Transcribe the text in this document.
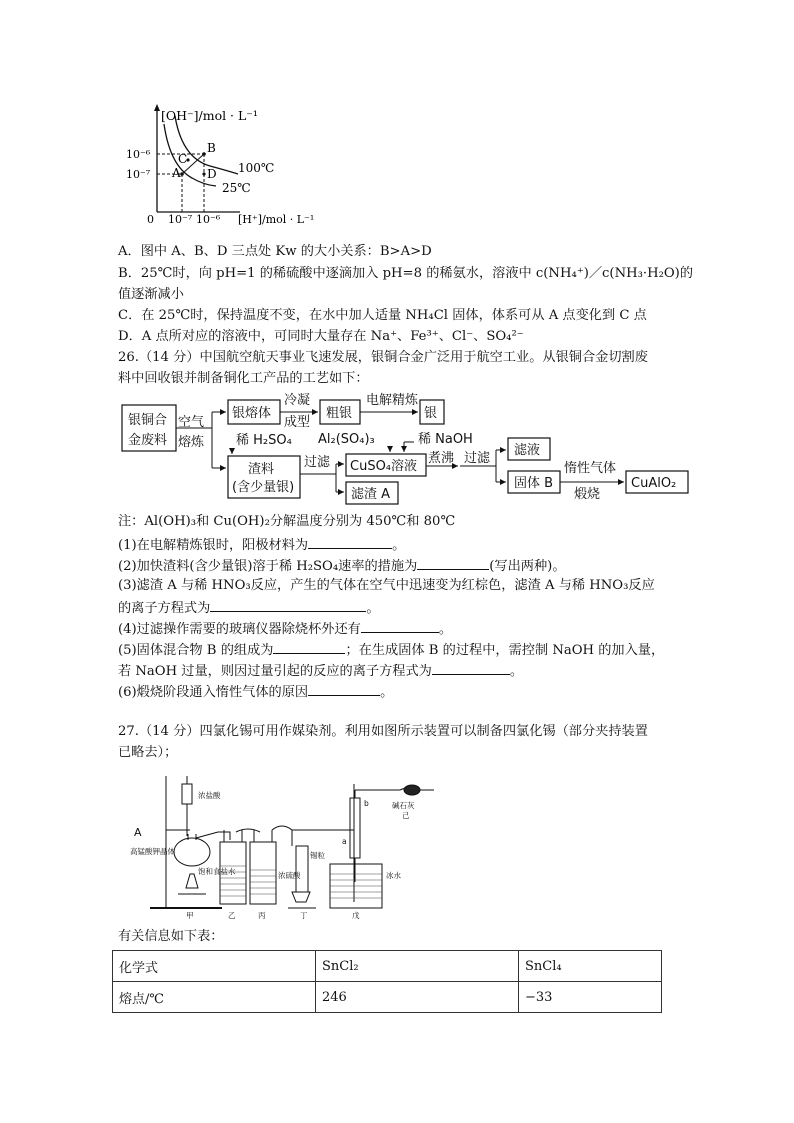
[OH⁻]/mol · L⁻¹
[H⁺]/mol · L⁻¹
10⁻⁶
10⁻⁷
0 10⁻⁷ 10⁻⁶
A
B
C
D 100℃
25℃
A．图中 A、B、D 三点处 Kw 的大小关系：B>A>D
B．25℃时，向 pH=1 的稀硫酸中逐滴加入 pH=8 的稀氨水，溶液中 c(NH₄⁺)／c(NH₃·H₂O)的
值逐渐减小
C．在 25℃时，保持温度不变，在水中加人适量 NH₄Cl 固体，体系可从 A 点变化到 C 点
D．A 点所对应的溶液中，可同时大量存在 Na⁺、Fe³⁺、Cl⁻、SO₄²⁻
26.（14 分）中国航空航天事业飞速发展，银铜合金广泛用于航空工业。从银铜合金切割废
料中回收银并制备铜化工产品的工艺如下：
银铜合
金废料
空气
熔炼
银熔体
冷凝
成型
粗银
电解精炼
银
稀 H₂SO₄
渣料
(含少量银)
过滤
Al₂(SO₄)₃	稀 NaOH
CuSO₄溶液
滤渣 A
煮沸 过滤
滤液
固体 B
惰性气体
煅烧
CuAlO₂
注：Al(OH)₃和 Cu(OH)₂分解温度分别为 450℃和 80℃
(1)在电解精炼银时，阳极材料为	。
(2)加快渣料(含少量银)溶于稀 H₂SO₄速率的措施为	(写出两种)。
(3)滤渣 A 与稀 HNO₃反应，产生的气体在空气中迅速变为红棕色，滤渣 A 与稀 HNO₃反应
的离子方程式为	。
(4)过滤操作需要的玻璃仪器除烧杯外还有	。
(5)固体混合物 B 的组成为	；在生成固体 B 的过程中，需控制 NaOH 的加入量，
若 NaOH 过量，则因过量引起的反应的离子方程式为	。
(6)煅烧阶段通入惰性气体的原因	。
27.（14 分）四氯化锡可用作媒染剂。利用如图所示装置可以制备四氯化锡（部分夹持装置
已略去）；
浓盐酸
A
高锰酸钾晶体
饱和食盐水	浓硫酸
锡粒
碱石灰
己
冰水
a
b
甲	乙	丙	丁	戊
有关信息如下表：
化学式	SnCl₂	SnCl₄
熔点/℃	246	−33
